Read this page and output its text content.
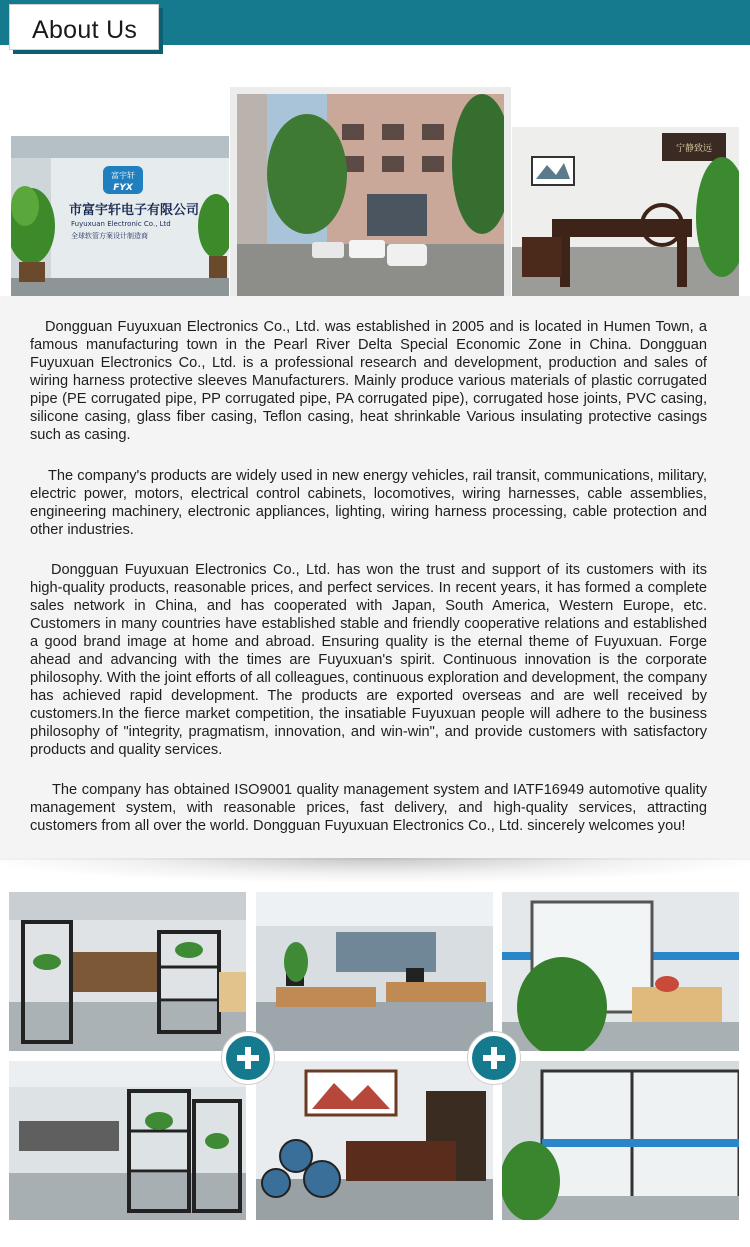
About Us
富宇轩
FYX
市富宇轩电子有限公司
Fuyuxuan Electronic Co., Ltd
全球软管方案设计制造商
宁静致远

Dongguan Fuyuxuan Electronics Co., Ltd. was established in 2005 and is located in Humen Town, a famous manufacturing town in the Pearl River Delta Special Economic Zone in China. Dongguan Fuyuxuan Electronics Co., Ltd. is a professional research and development, production and sales of wiring harness protective sleeves Manufacturers. Mainly produce various materials of plastic corrugated pipe (PE corrugated pipe, PP corrugated pipe, PA corrugated pipe), corrugated hose joints, PVC casing, silicone casing, glass fiber casing, Teflon casing, heat shrinkable Various insulating protective casings such as casing.

The company's products are widely used in new energy vehicles, rail transit, communications, military, electric power, motors, electrical control cabinets, locomotives, wiring harnesses, cable assemblies, engineering machinery, electronic appliances, lighting, wiring harness processing, cable protection and other industries.

Dongguan Fuyuxuan Electronics Co., Ltd. has won the trust and support of its customers with its high-quality products, reasonable prices, and perfect services. In recent years, it has formed a complete sales network in China, and has cooperated with Japan, South America, Western Europe, etc. Customers in many countries have established stable and friendly cooperative relations and established a good brand image at home and abroad. Ensuring quality is the eternal theme of Fuyuxuan. Forge ahead and advancing with the times are Fuyuxuan's spirit. Continuous innovation is the corporate philosophy. With the joint efforts of all colleagues, continuous exploration and development, the company has achieved rapid development. The products are exported overseas and are well received by customers.In the fierce market competition, the insatiable Fuyuxuan people will adhere to the business philosophy of "integrity, pragmatism, innovation, and win-win", and provide customers with satisfactory products and quality services.

The company has obtained ISO9001 quality management system and IATF16949 automotive quality management system, with reasonable prices, fast delivery, and high-quality services, attracting customers from all over the world. Dongguan Fuyuxuan Electronics Co., Ltd. sincerely welcomes you!
